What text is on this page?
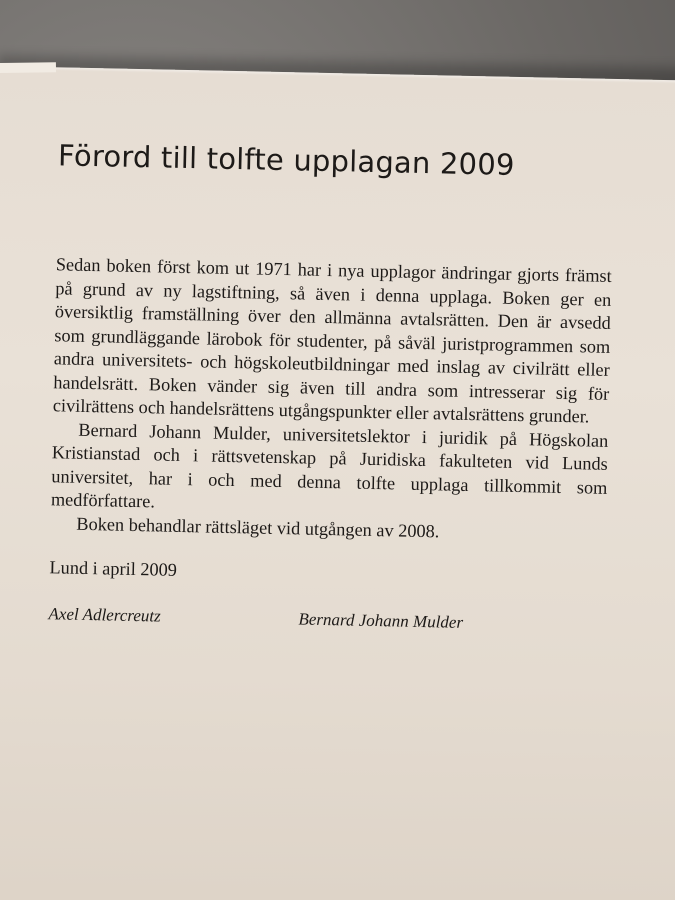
Förord till tolfte upplagan 2009

Sedan boken först kom ut 1971 har i nya upplagor ändringar gjorts främst på grund av ny lagstiftning, så även i denna upplaga. Boken ger en översiktlig framställning över den allmänna avtalsrätten. Den är avsedd som grundläggande lärobok för studenter, på såväl juristprogrammen som andra universitets- och högskoleutbildningar med inslag av civilrätt eller handelsrätt. Boken vänder sig även till andra som intresserar sig för civilrättens och handelsrättens utgångspunkter eller avtalsrättens grunder.

Bernard Johann Mulder, universitetslektor i juridik på Högskolan Kristianstad och i rättsvetenskap på Juridiska fakulteten vid Lunds universitet, har i och med denna tolfte upplaga tillkommit som medförfattare.

Boken behandlar rättsläget vid utgången av 2008.

Lund i april 2009
Axel Adlercreutz	Bernard Johann Mulder
